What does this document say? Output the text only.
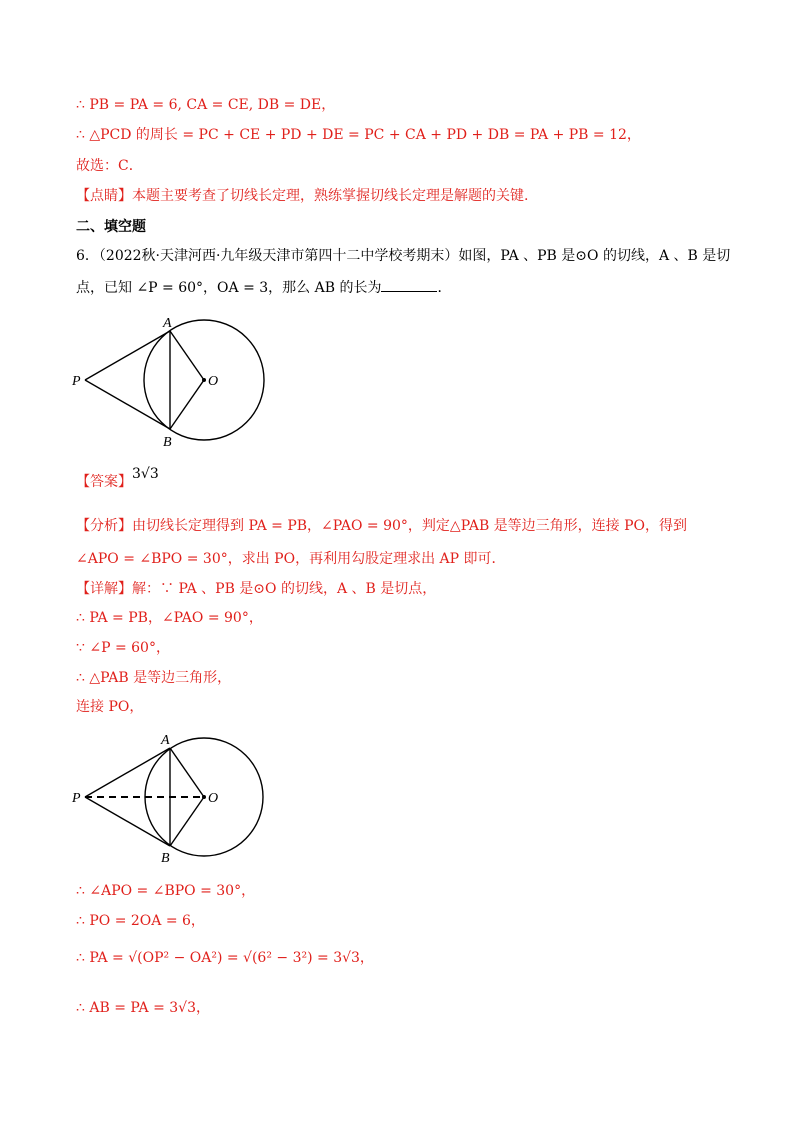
∴ PB = PA = 6, CA = CE, DB = DE，
∴ △PCD 的周长 = PC + CE + PD + DE = PC + CA + PD + DB = PA + PB = 12，
故选：C．
【点睛】本题主要考查了切线长定理，熟练掌握切线长定理是解题的关键.
二、填空题
6．（2022秋·天津河西·九年级天津市第四十二中学校考期末）如图，PA 、PB 是⊙O 的切线，A 、B 是切
点，已知 ∠P = 60°，OA = 3，那么 AB 的长为	．
A
B
P	O
【答案】3√3
【分析】由切线长定理得到 PA = PB，∠PAO = 90°，判定△PAB 是等边三角形，连接 PO，得到
∠APO = ∠BPO = 30°，求出 PO，再利用勾股定理求出 AP 即可．
【详解】解：∵ PA 、PB 是⊙O 的切线，A 、B 是切点，
∴ PA = PB，∠PAO = 90°，
∵ ∠P = 60°，
∴ △PAB 是等边三角形，
连接 PO，
A
B
P	O
∴ ∠APO = ∠BPO = 30°，
∴ PO = 2OA = 6，
∴ PA = √(OP² − OA²) = √(6² − 3²) = 3√3，
∴ AB = PA = 3√3，
